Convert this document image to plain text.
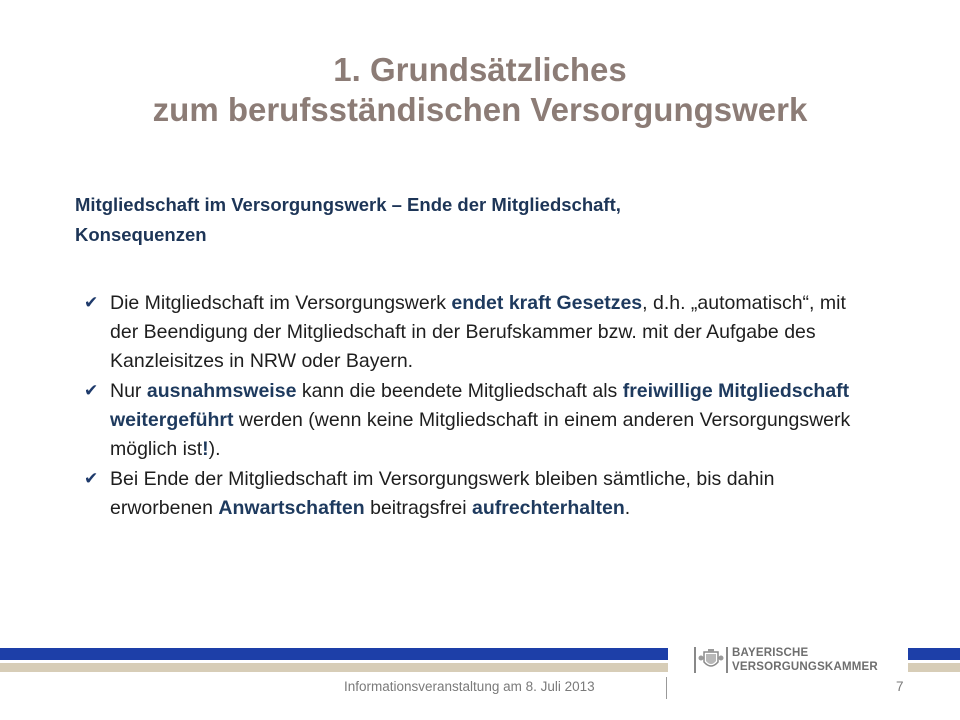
1. Grundsätzliches
zum berufsständischen Versorgungswerk
Mitgliedschaft im Versorgungswerk – Ende der Mitgliedschaft,
Konsequenzen
✔ Die Mitgliedschaft im Versorgungswerk endet kraft Gesetzes, d.h. „automatisch“, mit der Beendigung der Mitgliedschaft in der Berufskammer bzw. mit der Aufgabe des Kanzleisitzes in NRW oder Bayern.
✔ Nur ausnahmsweise kann die beendete Mitgliedschaft als freiwillige Mitgliedschaft weitergeführt werden (wenn keine Mitgliedschaft in einem anderen Versorgungswerk möglich ist!).
✔ Bei Ende der Mitgliedschaft im Versorgungswerk bleiben sämtliche, bis dahin erworbenen Anwartschaften beitragsfrei aufrechterhalten.
BAYERISCHE
VERSORGUNGSKAMMER
Informationsveranstaltung am 8. Juli 2013	7
